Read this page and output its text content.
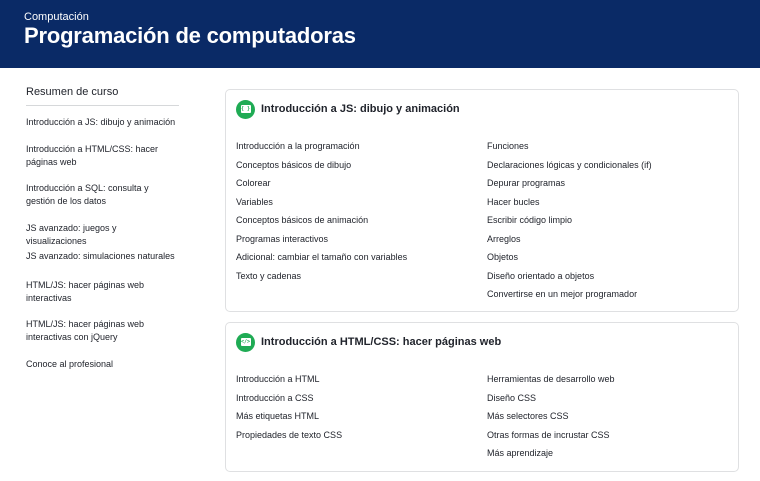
Computación
Programación de computadoras
Resumen de curso
Introducción a JS: dibujo y animación
Introducción a HTML/CSS: hacer páginas web
Introducción a SQL: consulta y gestión de los datos
JS avanzado: juegos y visualizaciones
JS avanzado: simulaciones naturales
HTML/JS: hacer páginas web interactivas
HTML/JS: hacer páginas web interactivas con jQuery
Conoce al profesional
{ } Introducción a JS: dibujo y animación
Introducción a la programación
Conceptos básicos de dibujo
Colorear
Variables
Conceptos básicos de animación
Programas interactivos
Adicional: cambiar el tamaño con variables
Texto y cadenas
Funciones
Declaraciones lógicas y condicionales (if)
Depurar programas
Hacer bucles
Escribir código limpio
Arreglos
Objetos
Diseño orientado a objetos
Convertirse en un mejor programador
</> Introducción a HTML/CSS: hacer páginas web
Introducción a HTML
Introducción a CSS
Más etiquetas HTML
Propiedades de texto CSS
Herramientas de desarrollo web
Diseño CSS
Más selectores CSS
Otras formas de incrustar CSS
Más aprendizaje
